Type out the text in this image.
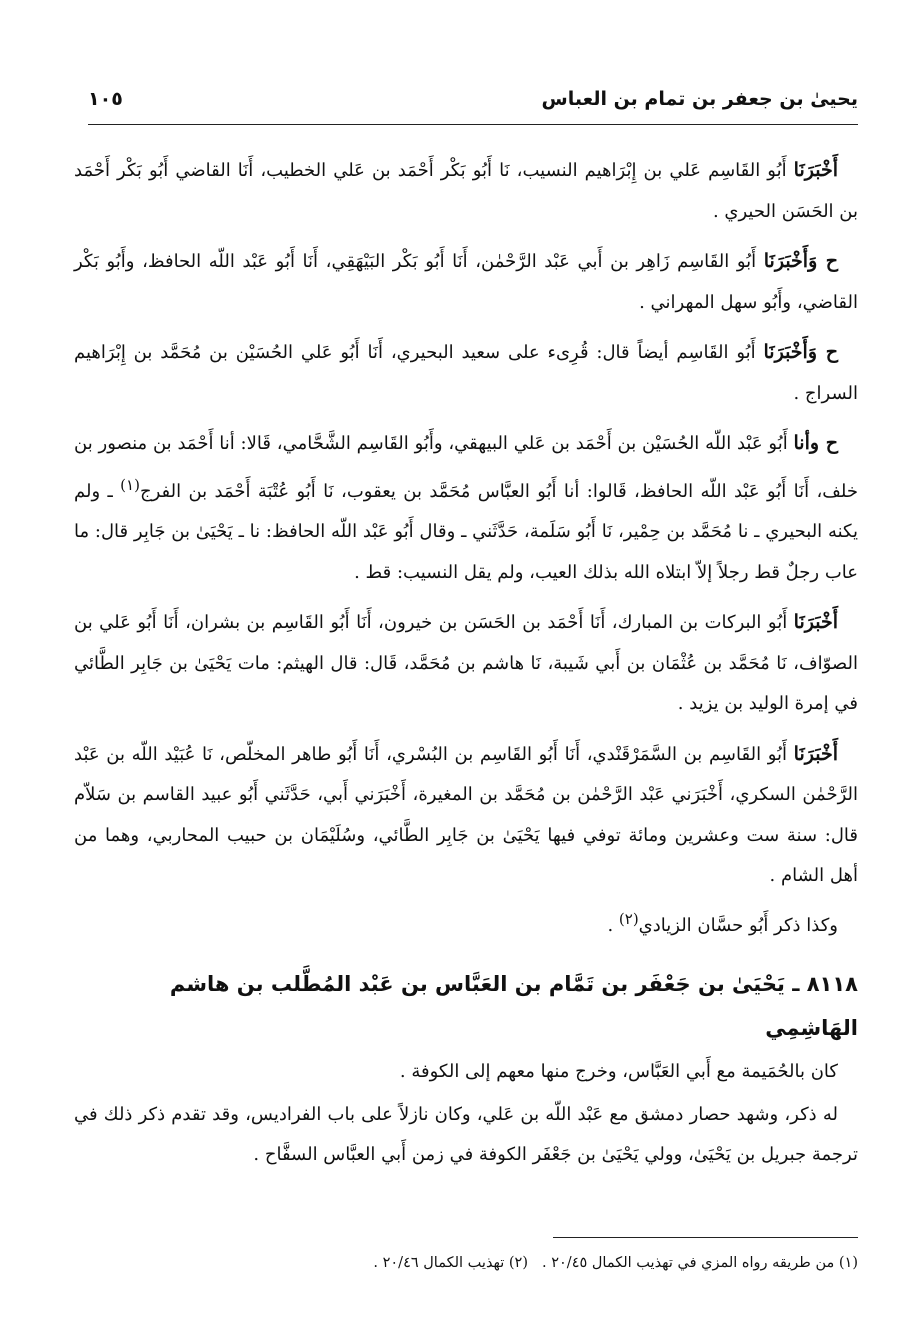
يحيىٰ بن جعفر بن تمام بن العباس
١٠٥

أَخْبَرَنَا أَبُو القَاسِم عَلي بن إِبْرَاهيم النسيب، نَا أَبُو بَكْر أَحْمَد بن عَلي الخطيب، أَنَا القاضي أَبُو بَكْر أَحْمَد بن الحَسَن الحيري .

ح وَأَخْبَرَنَا أَبُو القَاسِم زَاهِر بن أَبي عَبْد الرَّحْمٰن، أَنَا أَبُو بَكْر البَيْهَقِي، أَنَا أَبُو عَبْد اللّه الحافظ، وأَبُو بَكْر القاضي، وأَبُو سهل المهراني .

ح وَأَخْبَرَنَا أَبُو القَاسِم أيضاً قال: قُرِىء على سعيد البحيري، أَنَا أَبُو عَلي الحُسَيْن بن مُحَمَّد بن إِبْرَاهيم السراج .

ح وأنا أَبُو عَبْد اللّه الحُسَيْن بن أَحْمَد بن عَلي البيهقي، وأَبُو القَاسِم الشَّحَّامي، قَالا: أنا أَحْمَد بن منصور بن خلف، أَنَا أَبُو عَبْد اللّه الحافظ، قَالوا: أنا أَبُو العبَّاس مُحَمَّد بن يعقوب، نَا أَبُو عُتْبَة أَحْمَد بن الفرج$^{(١)}$ ـ ولم يكنه البحيري ـ نا مُحَمَّد بن حِمْير، نَا أَبُو سَلَمة، حَدَّثَني ـ وقال أَبُو عَبْد اللّه الحافظ: نا ـ يَحْيَىٰ بن جَابِر قال: ما عاب رجلٌ قط رجلاً إلاّ ابتلاه الله بذلك العيب، ولم يقل النسيب: قط .

أَخْبَرَنَا أَبُو البركات بن المبارك، أَنَا أَحْمَد بن الحَسَن بن خيرون، أَنَا أَبُو القَاسِم بن بشران، أَنَا أَبُو عَلي بن الصوّاف، نَا مُحَمَّد بن عُثْمَان بن أَبي شَيبة، نَا هاشم بن مُحَمَّد، قَال: قال الهيثم: مات يَحْيَىٰ بن جَابِر الطَّائي في إمرة الوليد بن يزيد .

أَخْبَرَنَا أَبُو القَاسِم بن السَّمَرْقَنْدي، أَنَا أَبُو القَاسِم بن البُسْري، أَنَا أَبُو طاهر المخلّص، نَا عُبَيْد اللّه بن عَبْد الرَّحْمٰن السكري، أَخْبَرَني عَبْد الرَّحْمٰن بن مُحَمَّد بن المغيرة، أَخْبَرَني أَبي، حَدَّثَني أَبُو عبيد القاسم بن سَلاّم قال: سنة ست وعشرين ومائة توفي فيها يَحْيَىٰ بن جَابِر الطَّائي، وسُلَيْمَان بن حبيب المحاربي، وهما من أهل الشام .

وكذا ذكر أَبُو حسَّان الزيادي$^{(٢)}$ .

٨١١٨ ـ يَحْيَىٰ بن جَعْفَر بن تَمَّام بن العَبَّاس بن عَبْد المُطَّلب بن هاشم الهَاشِمِي

كان بالحُمَيمة مع أَبي العَبَّاس، وخرج منها معهم إلى الكوفة .

له ذكر، وشهد حصار دمشق مع عَبْد اللّه بن عَلي، وكان نازلاً على باب الفراديس، وقد تقدم ذكر ذلك في ترجمة جبريل بن يَحْيَىٰ، وولي يَحْيَىٰ بن جَعْفَر الكوفة في زمن أَبي العبَّاس السفَّاح .

(١) من طريقه رواه المزي في تهذيب الكمال ٢٠/٤٥ .(٢) تهذيب الكمال ٢٠/٤٦ .
